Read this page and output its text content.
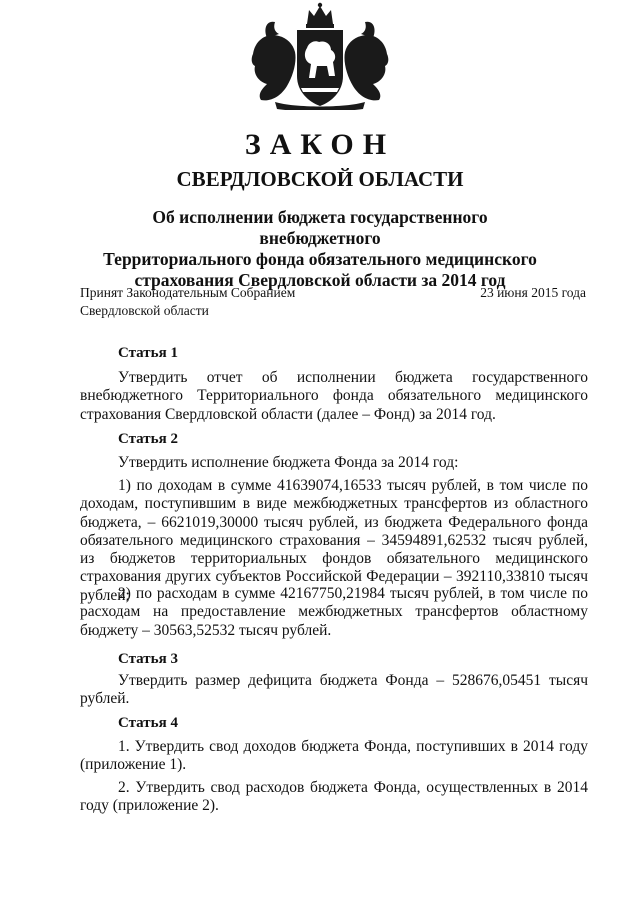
ЗАКОН
СВЕРДЛОВСКОЙ ОБЛАСТИ
Об исполнении бюджета государственного внебюджетного
Территориального фонда обязательного медицинского
страхования Свердловской области за 2014 год
Принят Законодательным Собранием
Свердловской области
23 июня 2015 года
Статья 1
Утвердить отчет об исполнении бюджета государственного внебюджетного Территориального фонда обязательного медицинского страхования Свердловской области (далее – Фонд) за 2014 год.
Статья 2
Утвердить исполнение бюджета Фонда за 2014 год:
1) по доходам в сумме 41639074,16533 тысяч рублей, в том числе по доходам, поступившим в виде межбюджетных трансфертов из областного бюджета, – 6621019,30000 тысяч рублей, из бюджета Федерального фонда обязательного медицинского страхования – 34594891,62532 тысяч рублей, из бюджетов территориальных фондов обязательного медицинского страхования других субъектов Российской Федерации – 392110,33810 тысяч рублей;
2) по расходам в сумме 42167750,21984 тысяч рублей, в том числе по расходам на предоставление межбюджетных трансфертов областному бюджету – 30563,52532 тысяч рублей.
Статья 3
Утвердить размер дефицита бюджета Фонда – 528676,05451 тысяч рублей.
Статья 4
1. Утвердить свод доходов бюджета Фонда, поступивших в 2014 году (приложение 1).
2. Утвердить свод расходов бюджета Фонда, осуществленных в 2014 году (приложение 2).
